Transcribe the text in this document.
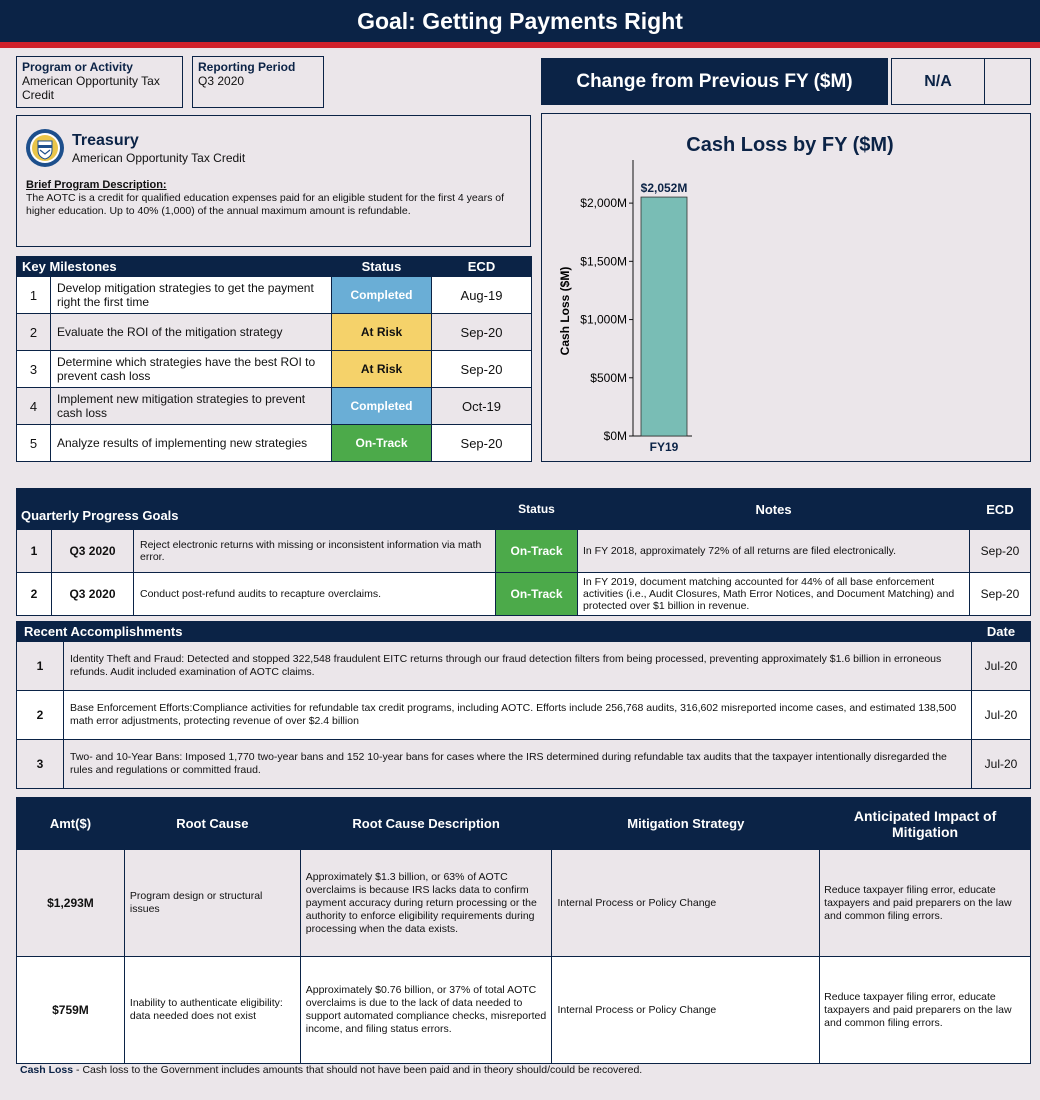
Goal: Getting Payments Right
Program or Activity
American Opportunity Tax Credit
Reporting Period
Q3 2020	Change from Previous FY ($M)	N/A
Treasury
American Opportunity Tax Credit
Brief Program Description:
The AOTC is a credit for qualified education expenses paid for an eligible student for the first 4 years of higher education. Up to 40% (1,000) of the annual maximum amount is refundable.
Key Milestones		Status	ECD
1	Develop mitigation strategies to get the payment right the first time	Completed	Aug-19
2	Evaluate the ROI of the mitigation strategy	At Risk	Sep-20
3	Determine which strategies have the best ROI to prevent cash loss	At Risk	Sep-20
4	Implement new mitigation strategies to prevent cash loss	Completed	Oct-19
5	Analyze results of implementing new strategies	On-Track	Sep-20
Cash Loss by FY ($M)
Cash Loss ($M)
$0M
$500M
$1,000M
$1,500M
$2,000M
$2,052M
FY19
Quarterly Progress Goals			Status	Notes	ECD
1	Q3 2020	Reject electronic returns with missing or inconsistent information via math error.	On-Track	In FY 2018, approximately 72% of all returns are filed electronically.	Sep-20
2	Q3 2020	Conduct post-refund audits to recapture overclaims.	On-Track	In FY 2019, document matching accounted for 44% of all base enforcement activities (i.e., Audit Closures, Math Error Notices, and Document Matching) and protected over $1 billion in revenue.	Sep-20
Recent Accomplishments		Date
1	Identity Theft and Fraud: Detected and stopped 322,548 fraudulent EITC returns through our fraud detection filters from being processed, preventing approximately $1.6 billion in erroneous refunds. Audit included examination of AOTC claims.	Jul-20
2	Base Enforcement Efforts:Compliance activities for refundable tax credit programs, including AOTC. Efforts include 256,768 audits, 316,602 misreported income cases, and estimated 138,500 math error adjustments, protecting revenue of over $2.4 billion	Jul-20
3	Two- and 10-Year Bans: Imposed 1,770 two-year bans and 152 10-year bans for cases where the IRS determined during refundable tax audits that the taxpayer intentionally disregarded the rules and regulations or committed fraud.	Jul-20
Amt($)	Root Cause	Root Cause Description	Mitigation Strategy	Anticipated Impact of Mitigation
$1,293M	Program design or structural issues	Approximately $1.3 billion, or 63% of AOTC overclaims is because IRS lacks data to confirm payment accuracy during return processing or the authority to enforce eligibility requirements during processing when the data exists.	Internal Process or Policy Change	Reduce taxpayer filing error, educate taxpayers and paid preparers on the law and common filing errors.
$759M	Inability to authenticate eligibility: data needed does not exist	Approximately $0.76 billion, or 37% of total AOTC overclaims is due to the lack of data needed to support automated compliance checks, misreported income, and filing status errors.	Internal Process or Policy Change	Reduce taxpayer filing error, educate taxpayers and paid preparers on the law and common filing errors.
Cash Loss - Cash loss to the Government includes amounts that should not have been paid and in theory should/could be recovered.
